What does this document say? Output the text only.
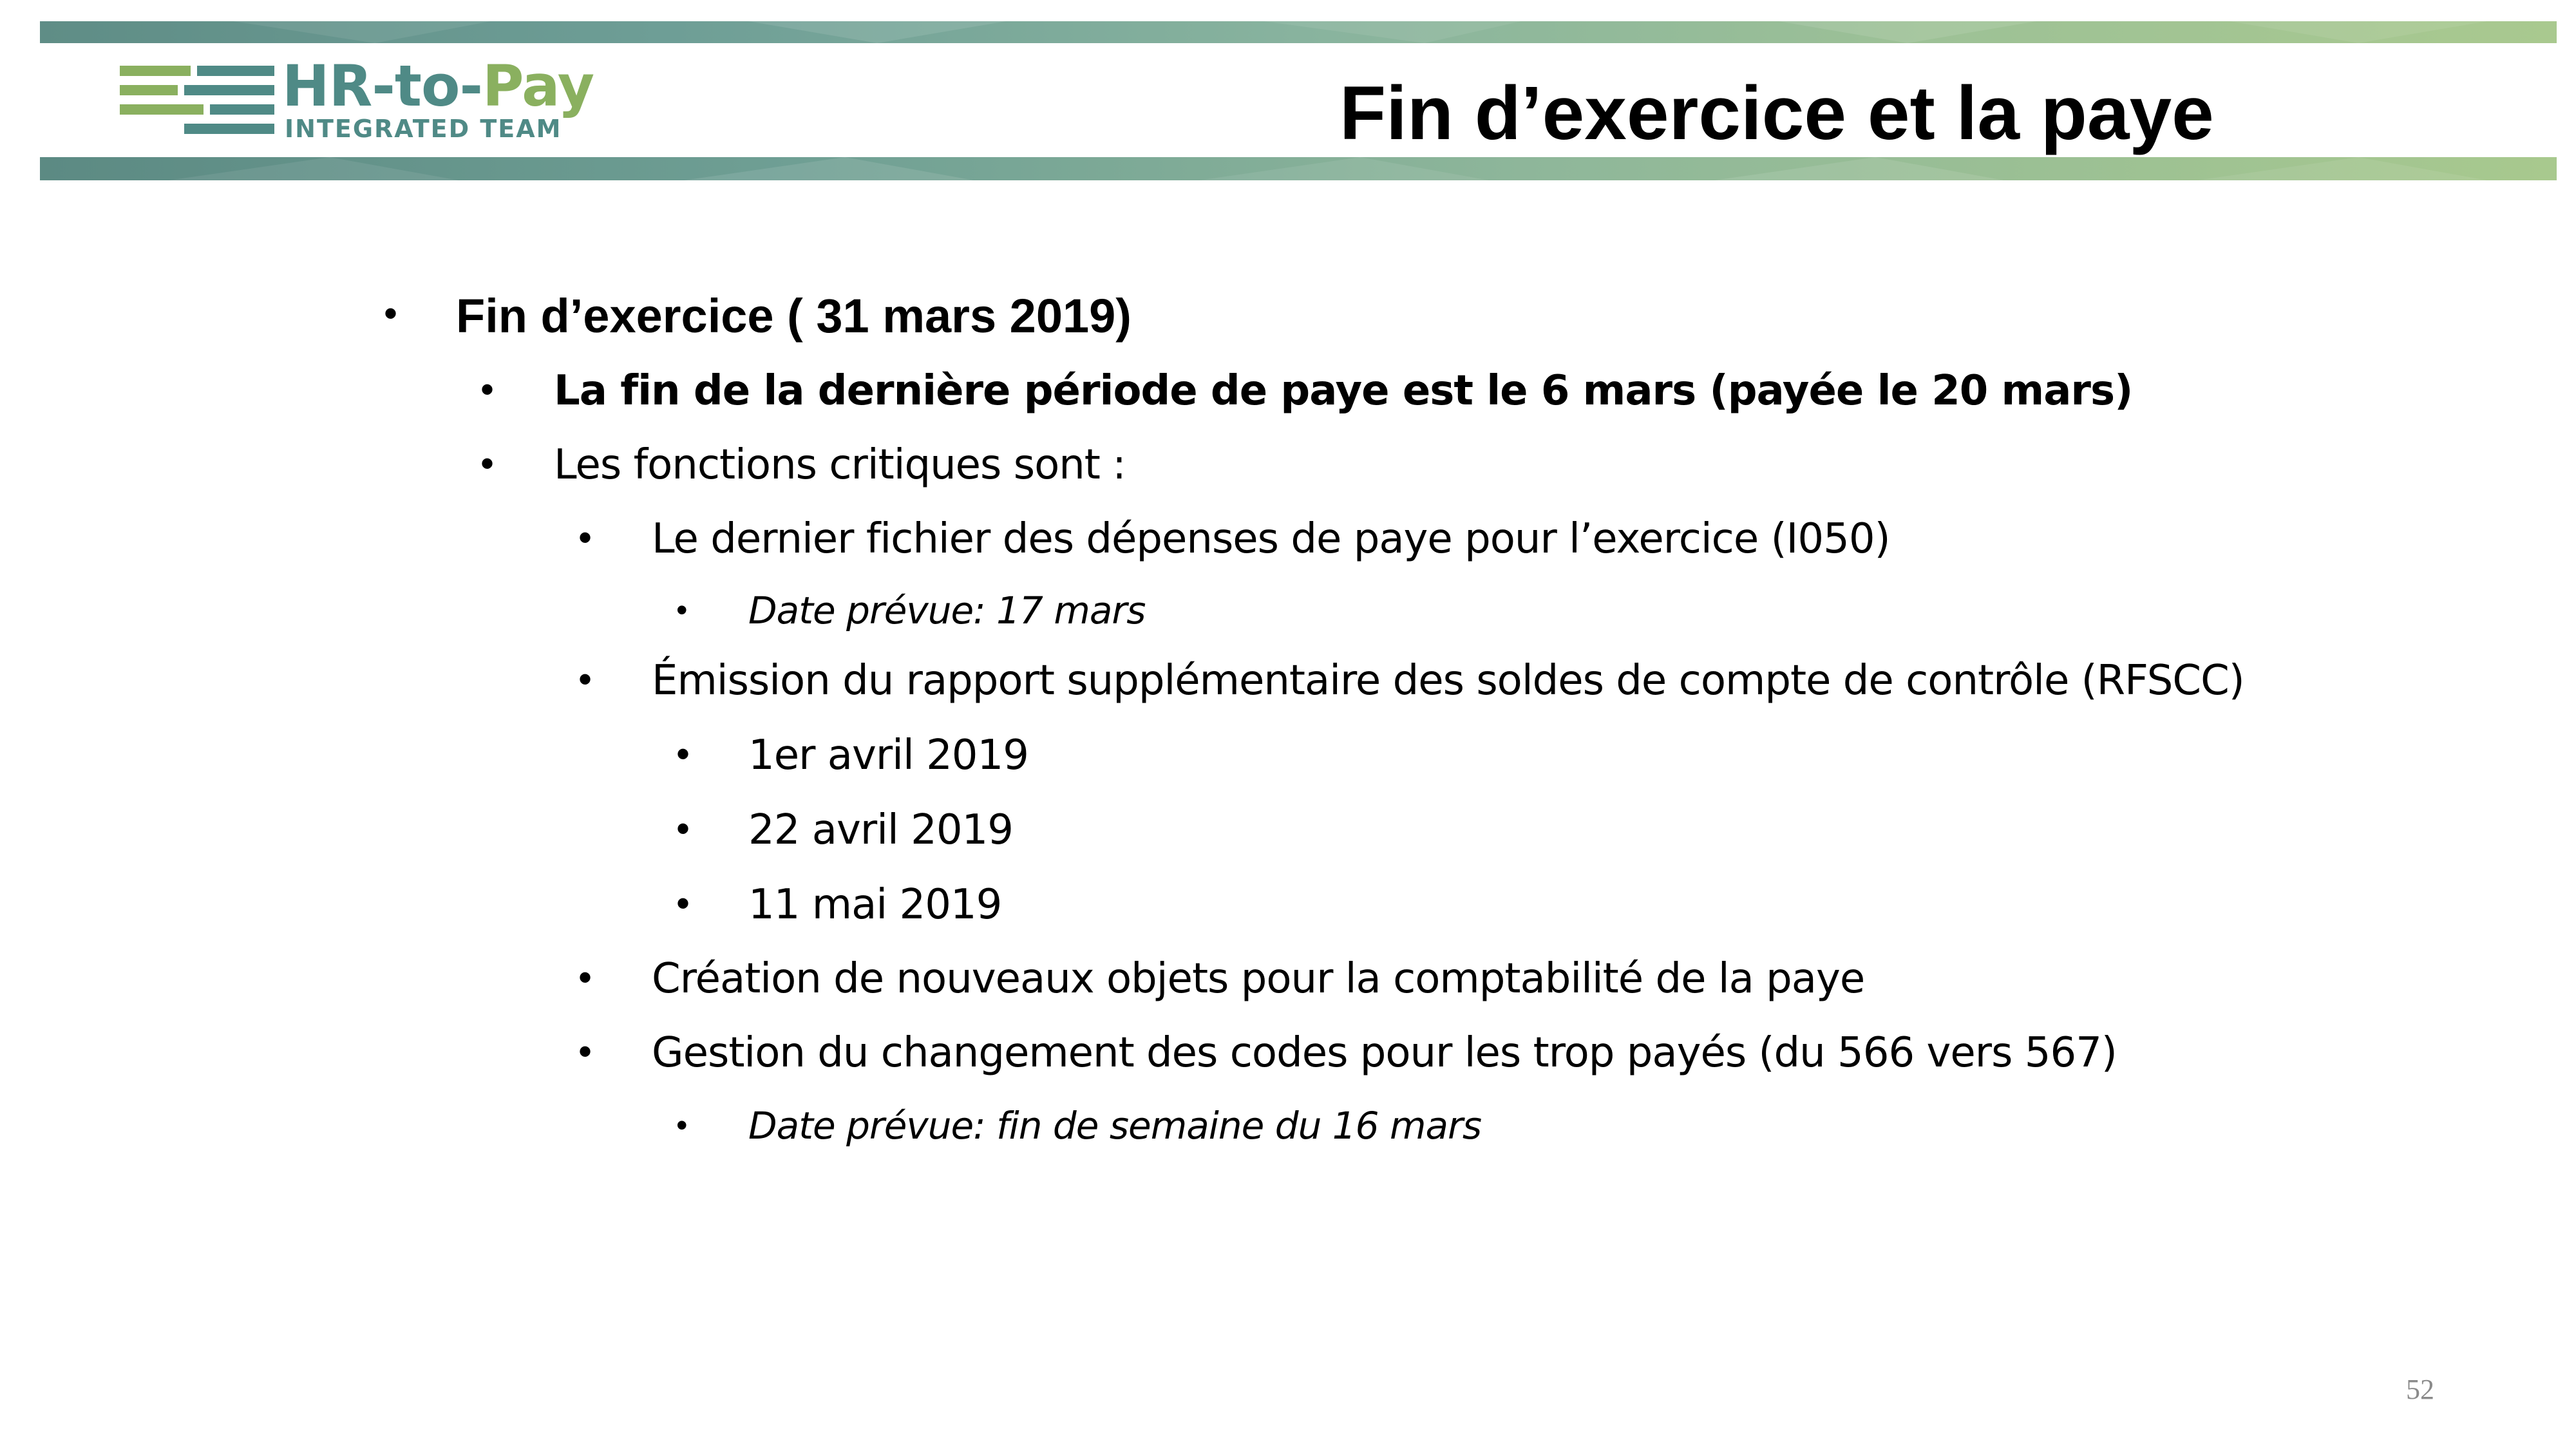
HR-to-Pay
INTEGRATED TEAM	Fin d’exercice et la paye
• Fin d’exercice ( 31 mars 2019)
• La fin de la dernière période de paye est le 6 mars (payée le 20 mars)
• Les fonctions critiques sont :
• Le dernier fichier des dépenses de paye pour l’exercice (I050)
• Date prévue: 17 mars
• Émission du rapport supplémentaire des soldes de compte de contrôle (RFSCC)
• 1er avril 2019
• 22 avril 2019
• 11 mai 2019
• Création de nouveaux objets pour la comptabilité de la paye
• Gestion du changement des codes pour les trop payés (du 566 vers 567)
• Date prévue: fin de semaine du 16 mars
52
